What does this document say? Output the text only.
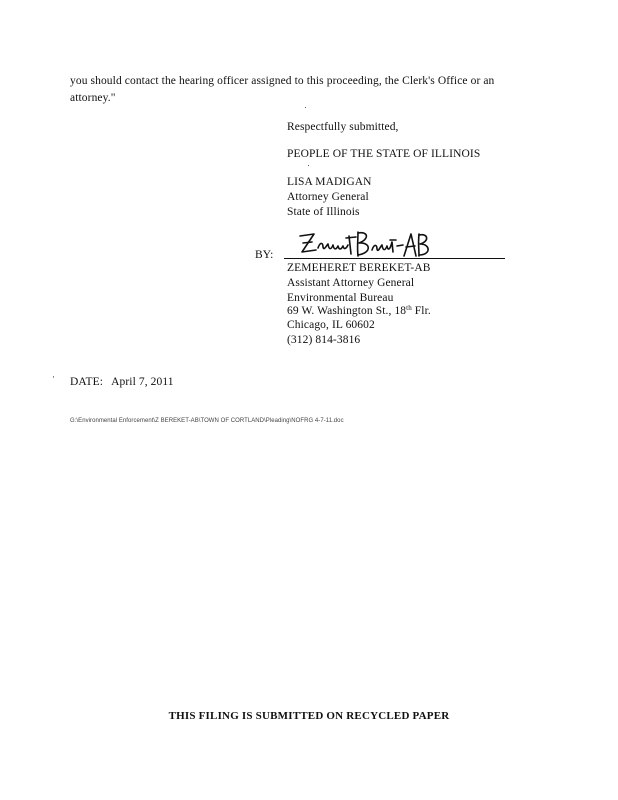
you should contact the hearing officer assigned to this proceeding, the Clerk's Office or an
attorney."
Respectfully submitted,
PEOPLE OF THE STATE OF ILLINOIS
LISA MADIGAN
Attorney General
State of Illinois
BY:
ZEMEHERET BEREKET-AB
Assistant Attorney General
Environmental Bureau
69 W. Washington St., 18th Flr.
Chicago, IL 60602
(312) 814-3816
· DATE: April 7, 2011
G:\Environmental Enforcement\Z BEREKET-AB\TOWN OF CORTLAND\Pleading\NOFRG 4-7-11.doc
THIS FILING IS SUBMITTED ON RECYCLED PAPER
